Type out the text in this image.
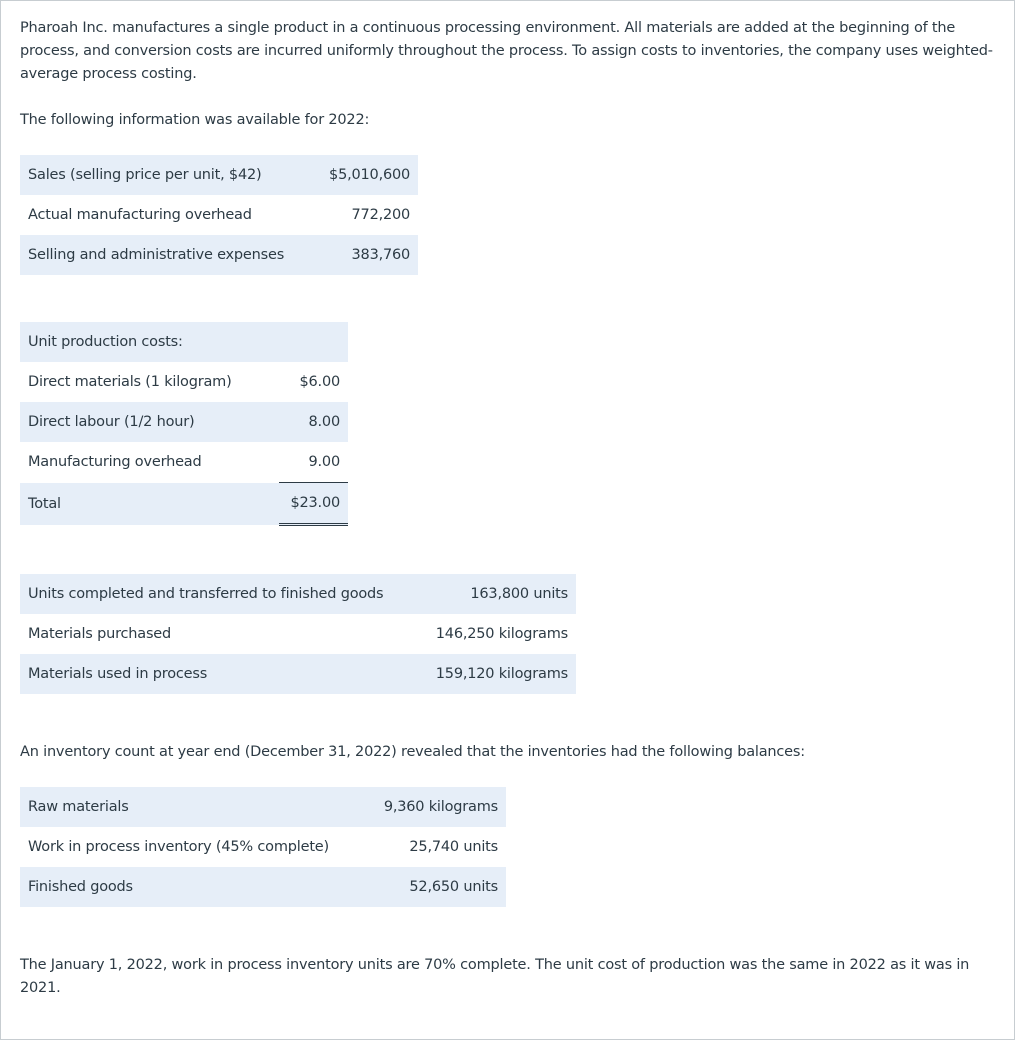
Pharoah Inc. manufactures a single product in a continuous processing environment. All materials are added at the beginning of the process, and conversion costs are incurred uniformly throughout the process. To assign costs to inventories, the company uses weighted-average process costing.

The following information was available for 2022:

Sales (selling price per unit, $42)	$5,010,600
Actual manufacturing overhead	772,200
Selling and administrative expenses	383,760
Unit production costs:	
Direct materials (1 kilogram)	$6.00
Direct labour (1/2 hour)	8.00
Manufacturing overhead	9.00
Total	$23.00
Units completed and transferred to finished goods	163,800 units
Materials purchased	146,250 kilograms
Materials used in process	159,120 kilograms

An inventory count at year end (December 31, 2022) revealed that the inventories had the following balances:

Raw materials	9,360 kilograms
Work in process inventory (45% complete)	25,740 units
Finished goods	52,650 units

The January 1, 2022, work in process inventory units are 70% complete. The unit cost of production was the same in 2022 as it was in 2021.
